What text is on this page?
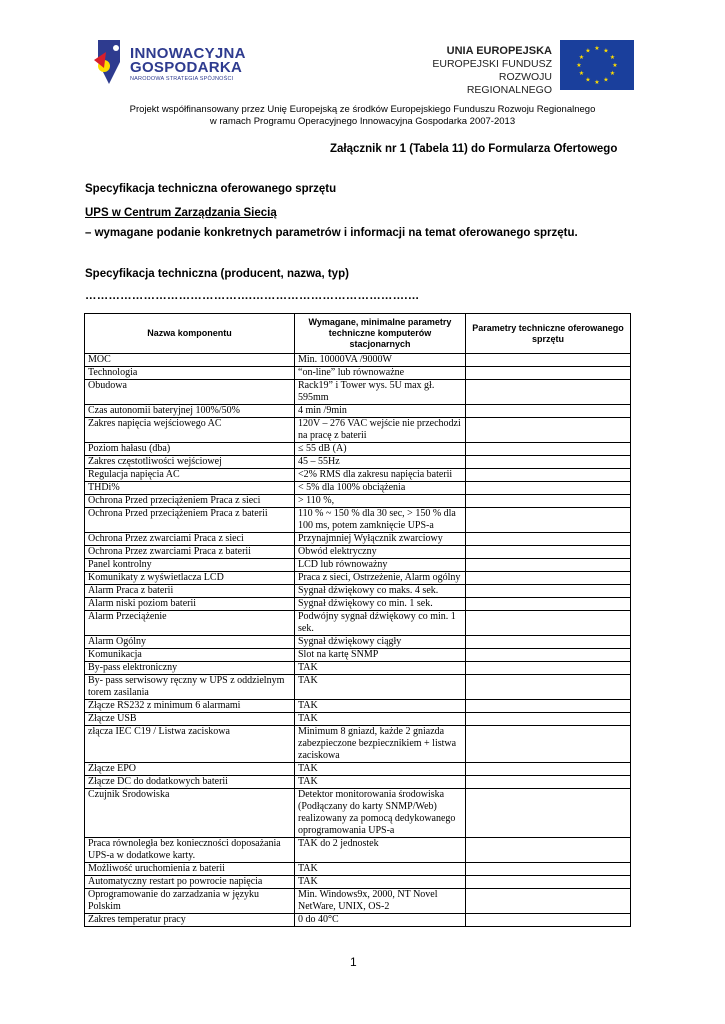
INNOWACYJNA
GOSPODARKA
NARODOWA STRATEGIA SPÓJNOŚCI
UNIA EUROPEJSKA
EUROPEJSKI FUNDUSZ
ROZWOJU REGIONALNEGO
★ ★
★
★
★
★
★
★
★
★
★
★
Projekt współfinansowany przez Unię Europejską ze środków Europejskiego Funduszu Rozwoju Regionalnego
w ramach Programu Operacyjnego Innowacyjna Gospodarka 2007-2013
Załącznik nr 1 (Tabela 11) do Formularza Ofertowego
Specyfikacja techniczna oferowanego sprzętu
UPS w Centrum Zarządzania Siecią
– wymagane podanie konkretnych parametrów i informacji na temat oferowanego sprzętu.
Specyfikacja techniczna (producent, nazwa, typ)
…………………………………….………………………………….…
Nazwa komponentu	Wymagane, minimalne parametry techniczne komputerów stacjonarnych	Parametry techniczne oferowanego sprzętu
MOC	Min. 10000VA /9000W	
Technologia	“on-line” lub równoważne	
Obudowa	Rack19” i Tower wys. 5U max gł. 595mm	
Czas autonomii bateryjnej 100%/50%	4 min /9min	
Zakres napięcia wejściowego AC	120V – 276 VAC wejście nie przechodzi na pracę z baterii	
Poziom hałasu (dba)	≤ 55 dB (A)	
Zakres częstotliwości wejściowej	45 – 55Hz	
Regulacja napięcia AC	<2% RMS dla zakresu napięcia baterii	
THDi%	< 5% dla 100% obciążenia	
Ochrona Przed przeciążeniem Praca z sieci	> 110 %,	
Ochrona Przed przeciążeniem Praca z baterii	110 % ~ 150 % dla 30 sec, > 150 % dla 100 ms, potem zamknięcie UPS-a	
Ochrona Przez zwarciami Praca z sieci	Przynajmniej Wyłącznik zwarciowy	
Ochrona Przez zwarciami Praca z baterii	Obwód elektryczny	
Panel kontrolny	LCD lub równoważny	
Komunikaty z wyświetlacza LCD	Praca z sieci, Ostrzeżenie, Alarm ogólny	
Alarm Praca z baterii	Sygnał dźwiękowy co maks. 4 sek.	
Alarm niski poziom baterii	Sygnał dźwiękowy co min. 1 sek.	
Alarm Przeciążenie	Podwójny sygnał dźwiękowy co min. 1 sek.	
Alarm Ogólny	Sygnał dźwiękowy ciągły	
Komunikacja	Slot na kartę SNMP	
By-pass elektroniczny	TAK	
By- pass serwisowy ręczny w UPS z oddzielnym torem zasilania	TAK	
Złącze RS232 z minimum 6 alarmami	TAK	
Złącze USB	TAK	
złącza IEC C19 / Listwa zaciskowa	Minimum 8 gniazd, każde 2 gniazda zabezpieczone bezpiecznikiem + listwa zaciskowa	
Złącze EPO	TAK	
Złącze DC do dodatkowych baterii	TAK	
Czujnik Środowiska	Detektor monitorowania środowiska (Podłączany do karty SNMP/Web) realizowany za pomocą dedykowanego oprogramowania UPS-a	
Praca równoległa bez konieczności doposażania UPS-a w dodatkowe karty.	TAK do 2 jednostek	
Możliwość uruchomienia z baterii	TAK	
Automatyczny restart po powrocie napięcia	TAK	
Oprogramowanie do zarzadzania w języku Polskim	Min. Windows9x, 2000, NT Novel NetWare, UNIX, OS-2	
Zakres temperatur pracy	0 do 40°C	
1
